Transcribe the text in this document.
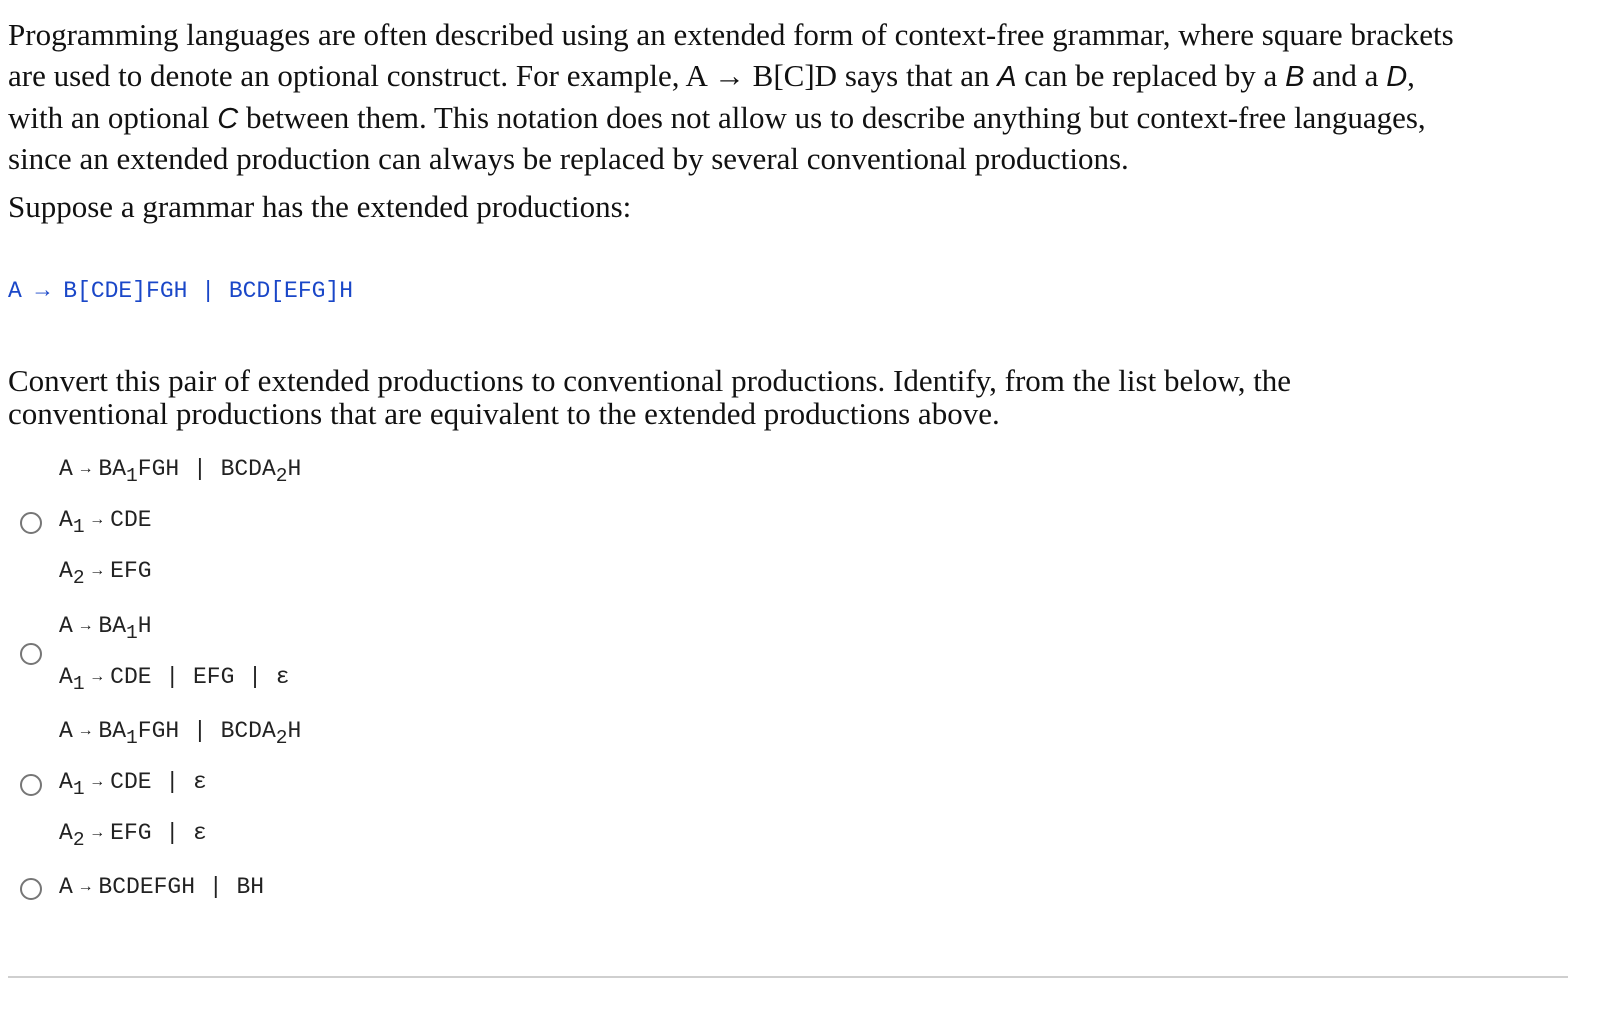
Programming languages are often described using an extended form of context-free grammar, where square brackets

are used to denote an optional construct. For example, A → B[C]D says that an A can be replaced by a B and a D,

with an optional C between them. This notation does not allow us to describe anything but context-free languages,

since an extended production can always be replaced by several conventional productions.

Suppose a grammar has the extended productions:

A → B[CDE]FGH | BCD[EFG]H
Convert this pair of extended productions to conventional productions. Identify, from the list below, the
conventional productions that are equivalent to the extended productions above.
$A \to BA_1FGH$ | $BCDA_2H$
$A_1$ → CDE
$A_2$ → EFG
$A \to BA_1H$
$A_1$ → CDE | EFG | ε
$A \to BA_1FGH$ | $BCDA_2H$
$A_1$ → CDE | ε
$A_2$ → EFG | ε
A → BCDEFGH | BH
